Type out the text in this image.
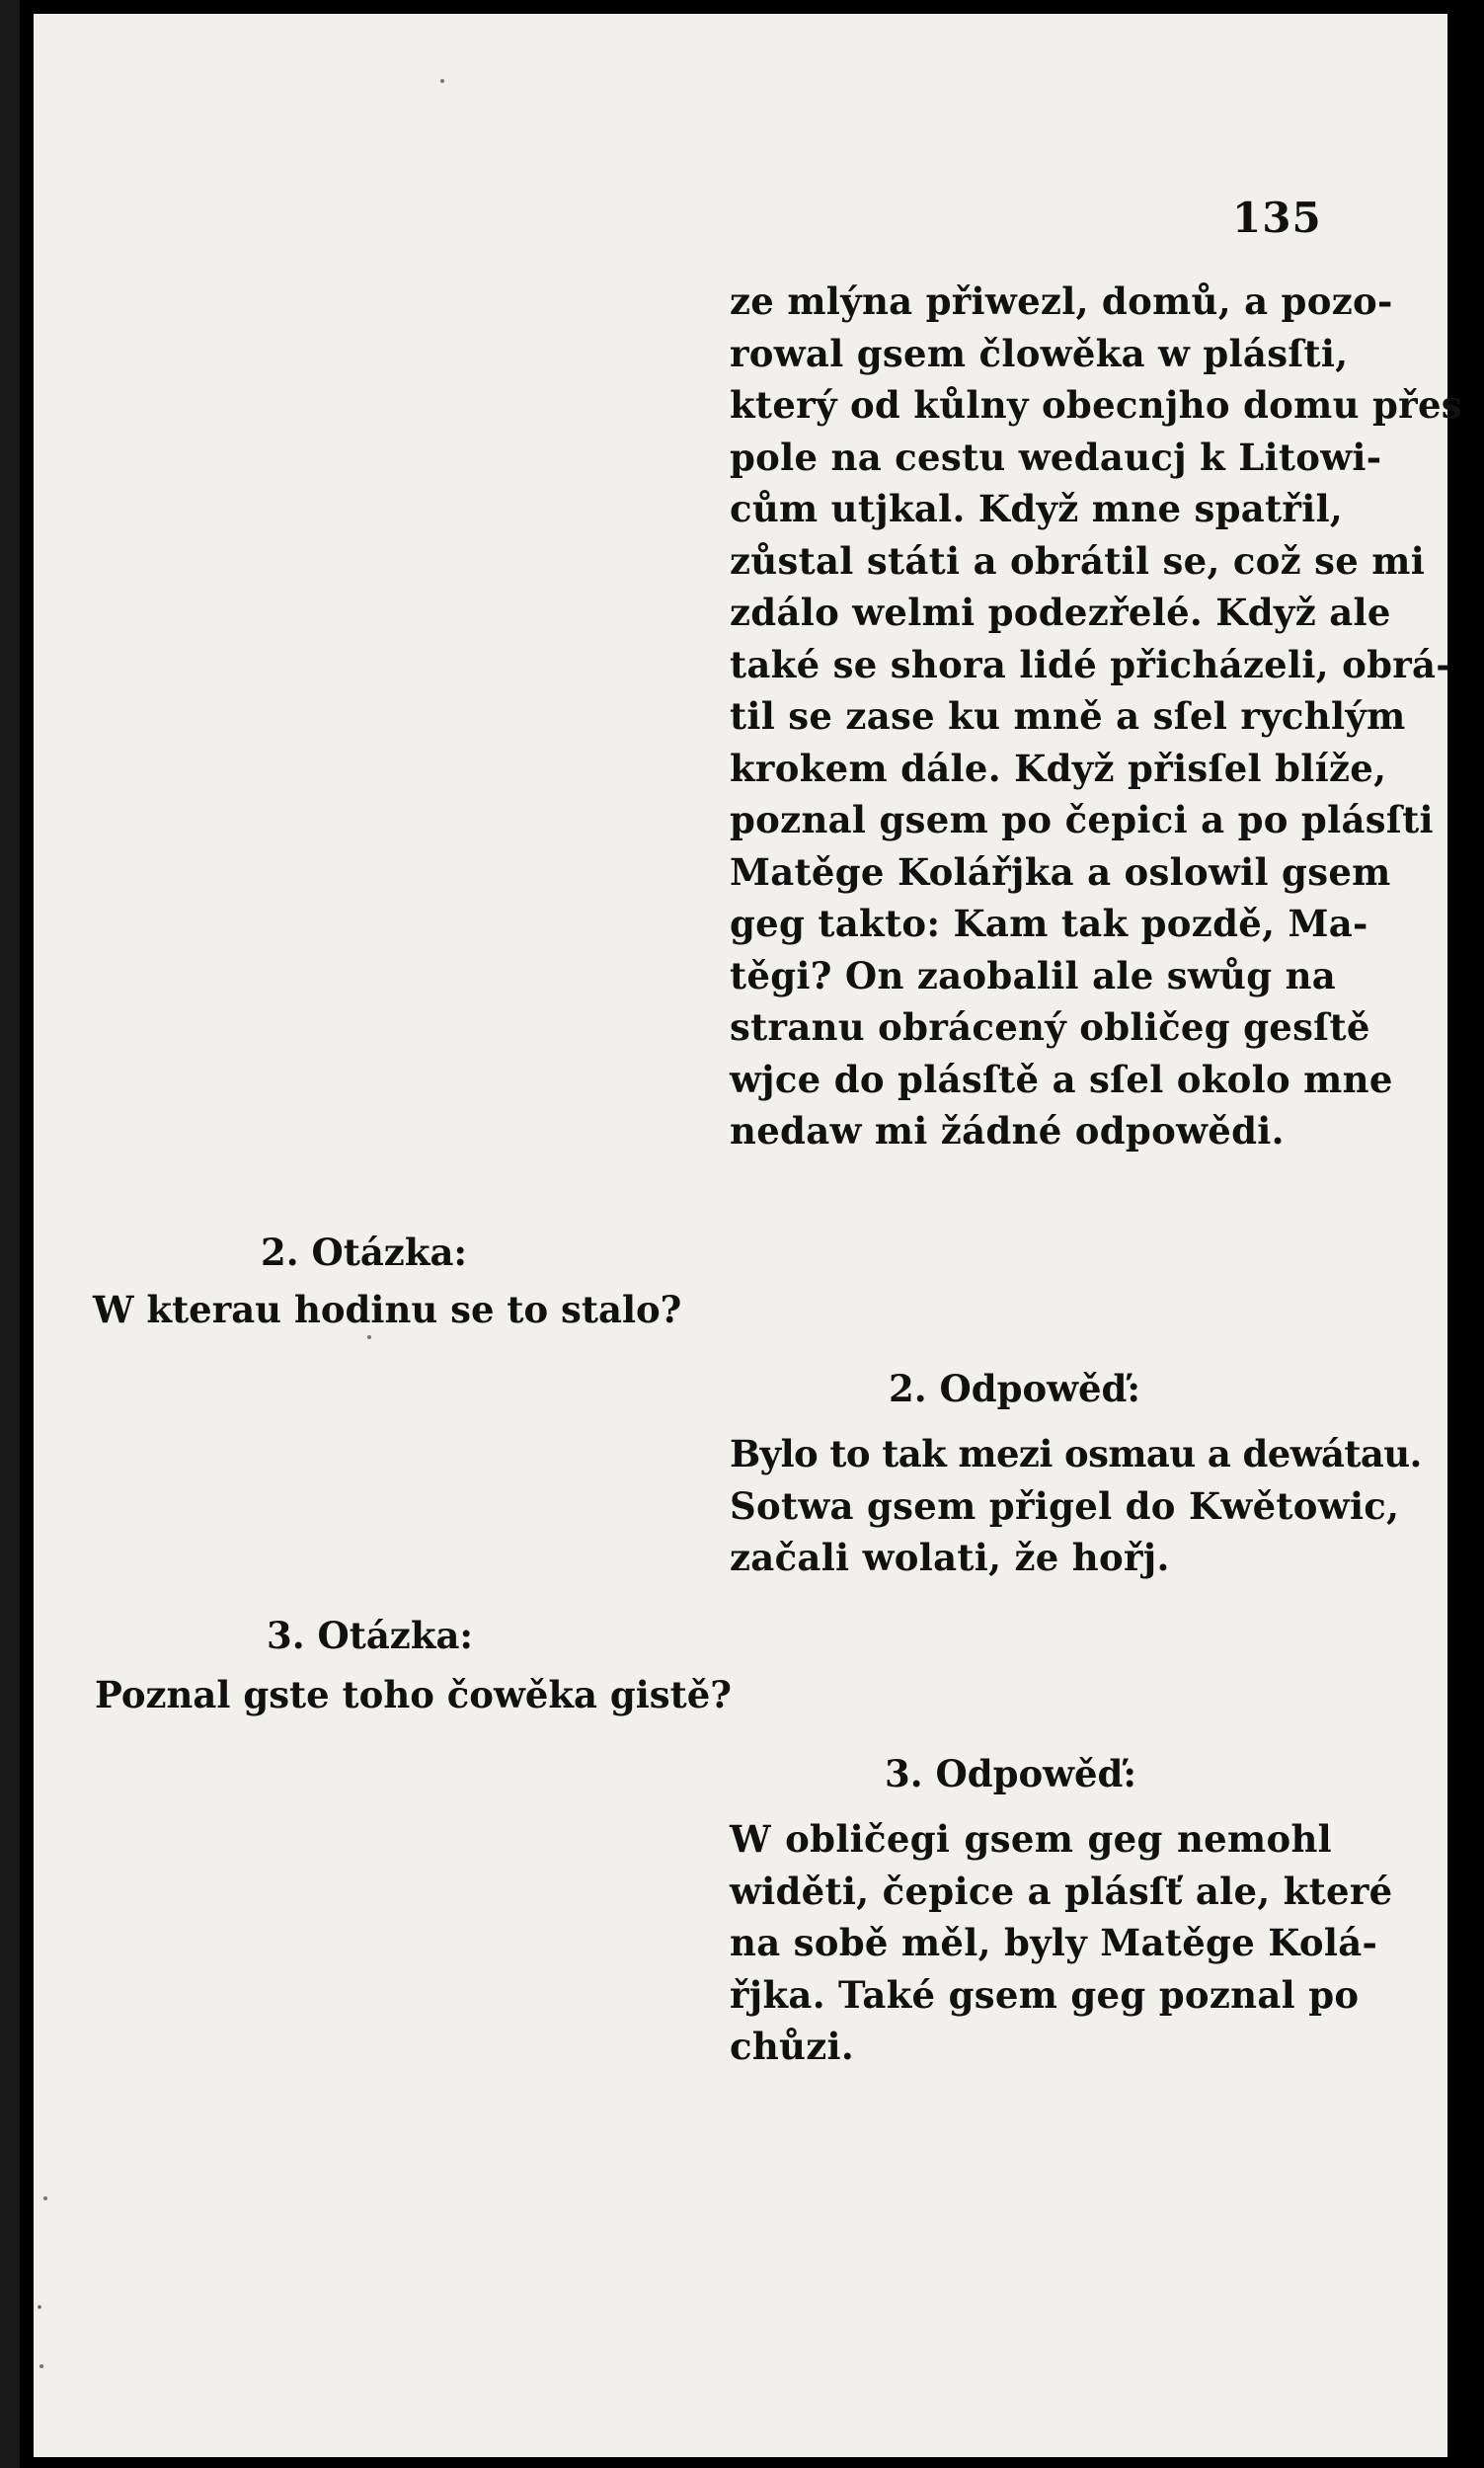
135

ze mlýna přiwezl, domů, a pozo-
rowal gsem člowěka w plásſti,
který od kůlny obecnjho domu přes
pole na cestu wedaucj k Litowi-
cům utjkal. Když mne spatřil,
zůstal státi a obrátil se, což se mi
zdálo welmi podezřelé. Když ale
také se shora lidé přicházeli, obrá-
til se zase ku mně a sſel rychlým
krokem dále. Když přisſel blíže,
poznal gsem po čepici a po plásſti
Matěge Kolářjka a oslowil gsem
geg takto: Kam tak pozdě, Ma-
těgi? On zaobalil ale swůg na
stranu obrácený obličeg gesſtě
wjce do plásſtě a sſel okolo mne
nedaw mi žádné odpowědi.

2. Otázka:

W kterau hodinu se to stalo?

2. Odpowěď:

Bylo to tak mezi osmau a dewátau.
Sotwa gsem přigel do Kwětowic,
začali wolati, že hořj.

3. Otázka:

Poznal gste toho čowěka gistě?

3. Odpowěď:

W obličegi gsem geg nemohl
widěti, čepice a plásſť ale, které
na sobě měl, byly Matěge Kolá-
řjka. Také gsem geg poznal po
chůzi.
